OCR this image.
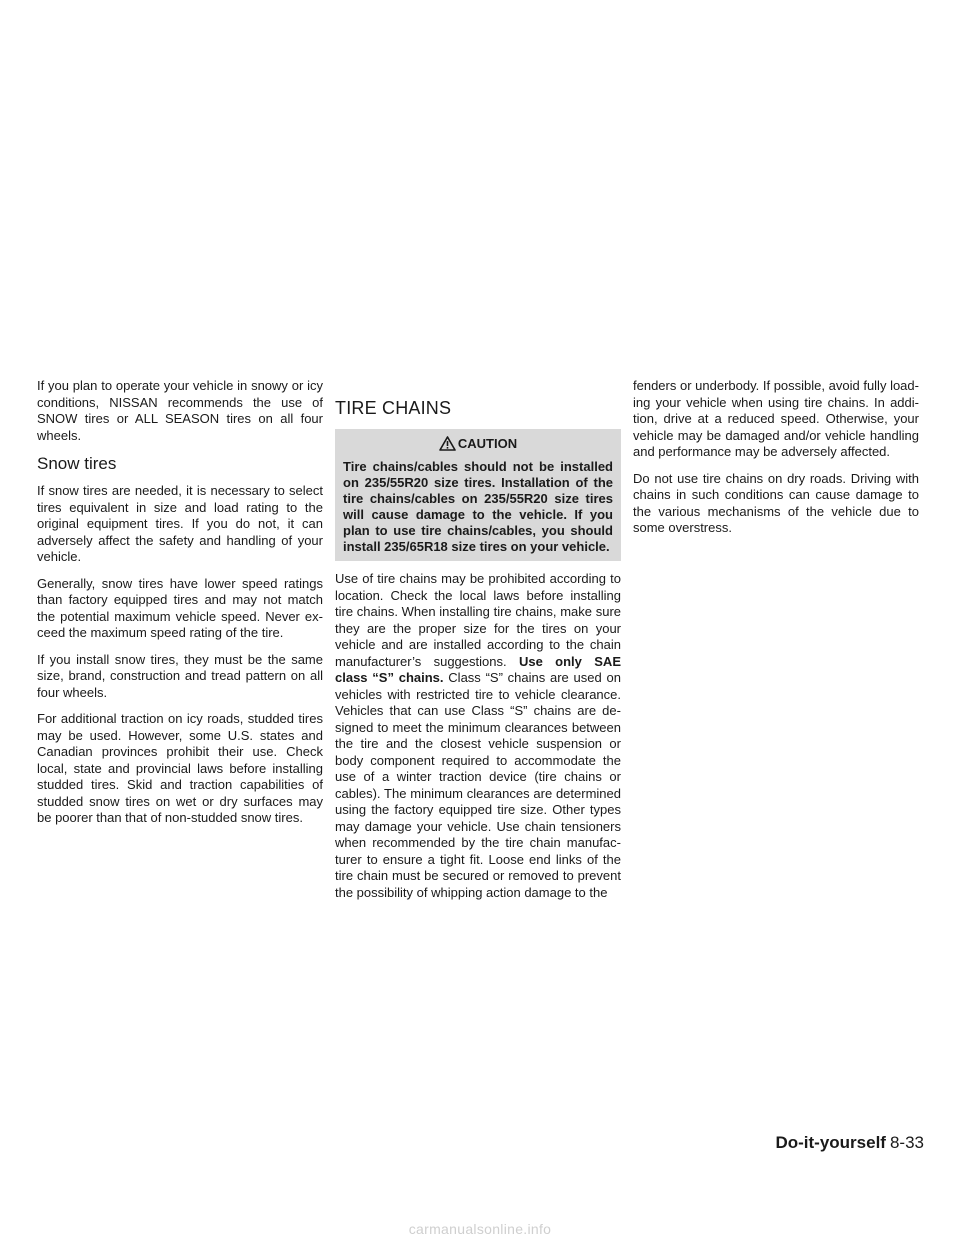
If you plan to operate your vehicle in snowy or icy conditions, NISSAN recommends the use of SNOW tires or ALL SEASON tires on all four wheels.

Snow tires

If snow tires are needed, it is necessary to select tires equivalent in size and load rating to the original equipment tires. If you do not, it can adversely affect the safety and handling of your vehicle.

Generally, snow tires have lower speed ratings than factory equipped tires and may not match the potential maximum vehicle speed. Never exceed the maximum speed rating of the tire.

If you install snow tires, they must be the same size, brand, construction and tread pattern on all four wheels.

For additional traction on icy roads, studded tires may be used. However, some U.S. states and Canadian provinces prohibit their use. Check local, state and provincial laws before installing studded tires. Skid and traction capabilities of studded snow tires on wet or dry surfaces may be poorer than that of non-studded snow tires.

TIRE CHAINS
CAUTION
Tire chains/cables should not be installed on 235/55R20 size tires. Installation of the tire chains/cables on 235/55R20 size tires will cause damage to the vehicle. If you plan to use tire chains/cables, you should install 235/65R18 size tires on your vehicle.

Use of tire chains may be prohibited according to location. Check the local laws before installing tire chains. When installing tire chains, make sure they are the proper size for the tires on your vehicle and are installed according to the chain manufacturer’s suggestions. Use only SAE class “S” chains. Class “S” chains are used on vehicles with restricted tire to vehicle clearance. Vehicles that can use Class “S” chains are designed to meet the minimum clearances between the tire and the closest vehicle suspension or body component required to accommodate the use of a winter traction device (tire chains or cables). The minimum clearances are determined using the factory equipped tire size. Other types may damage your vehicle. Use chain tensioners when recommended by the tire chain manufacturer to ensure a tight fit. Loose end links of the tire chain must be secured or removed to prevent the possibility of whipping action damage to the

fenders or underbody. If possible, avoid fully loading your vehicle when using tire chains. In addition, drive at a reduced speed. Otherwise, your vehicle may be damaged and/or vehicle handling and performance may be adversely affected.

Do not use tire chains on dry roads. Driving with chains in such conditions can cause damage to the various mechanisms of the vehicle due to some overstress.

Do-it-yourself 8-33
carmanualsonline.info
